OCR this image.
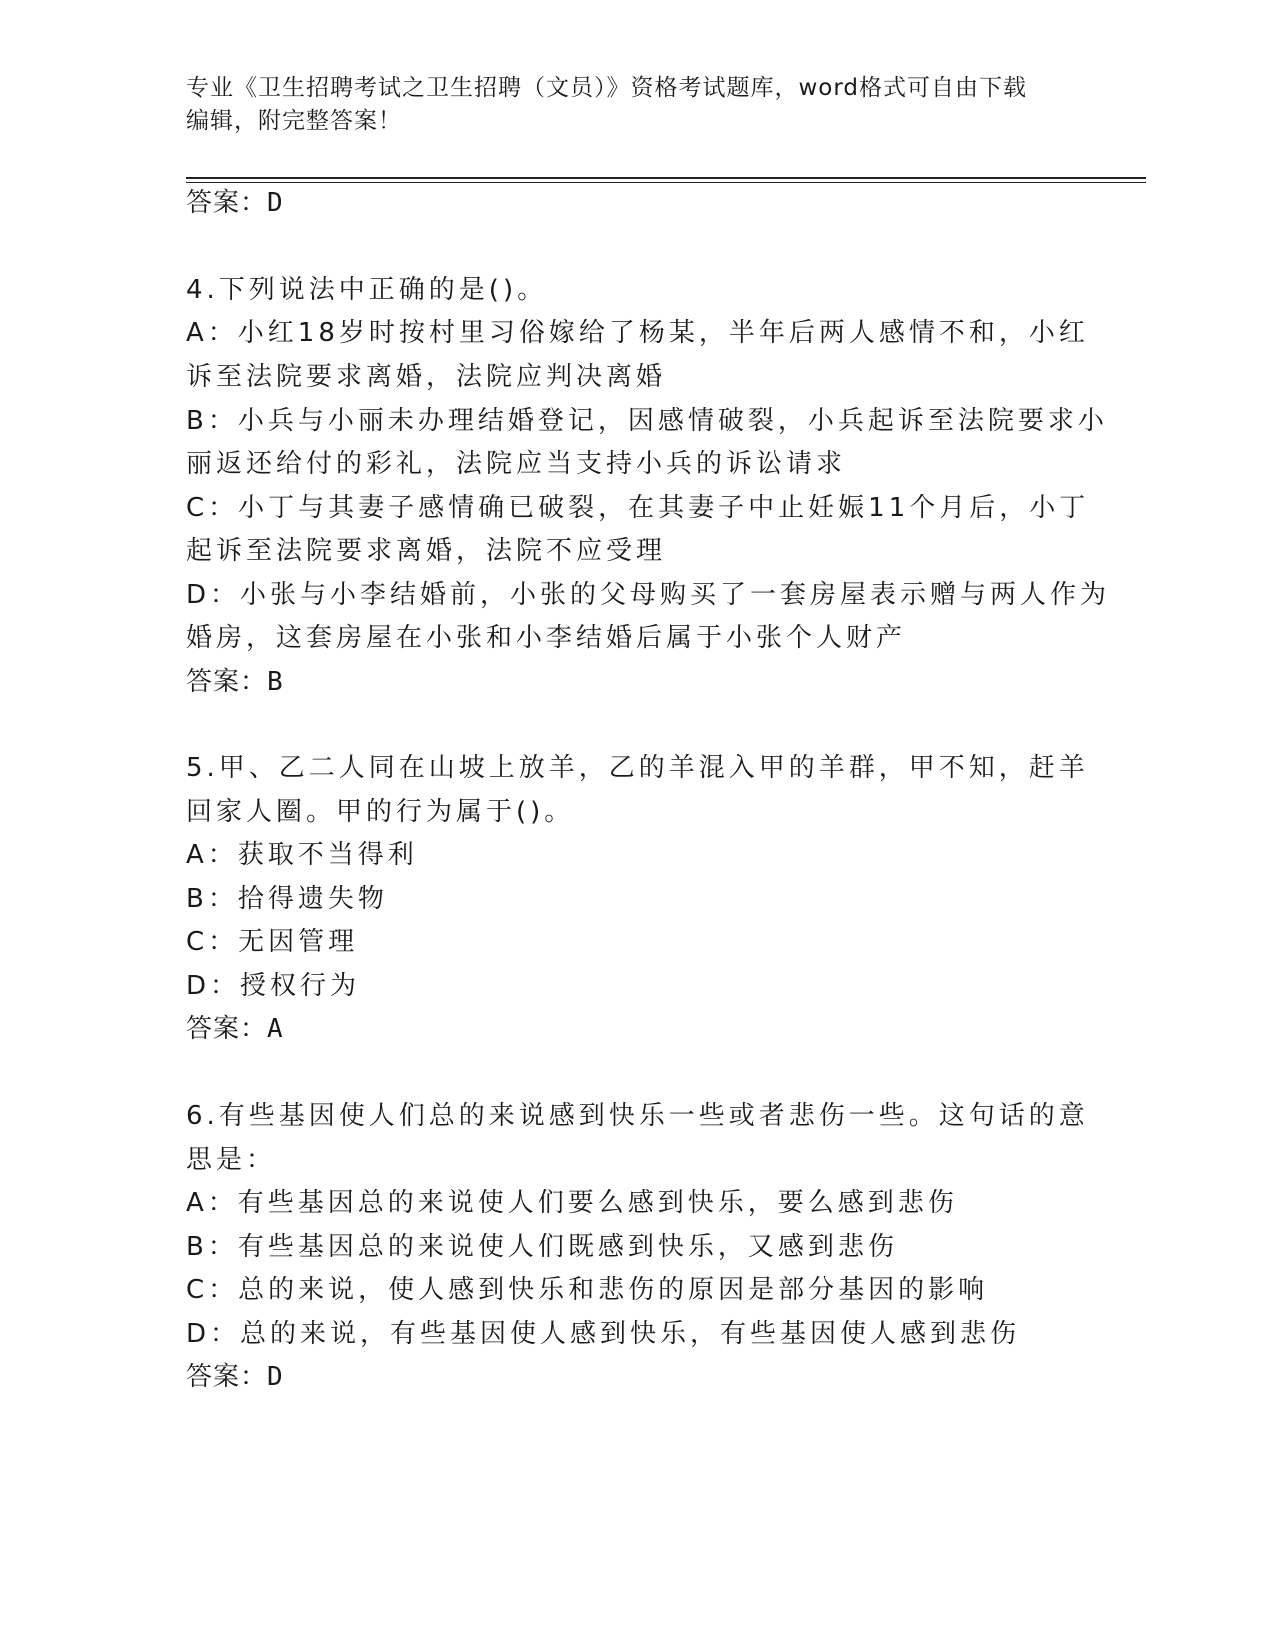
专业《卫生招聘考试之卫生招聘（文员）》资格考试题库，word格式可自由下载
编辑，附完整答案！
答案：D
4.下列说法中正确的是()。
A：小红18岁时按村里习俗嫁给了杨某，半年后两人感情不和，小红
诉至法院要求离婚，法院应判决离婚
B：小兵与小丽未办理结婚登记，因感情破裂，小兵起诉至法院要求小
丽返还给付的彩礼，法院应当支持小兵的诉讼请求
C：小丁与其妻子感情确已破裂，在其妻子中止妊娠11个月后，小丁
起诉至法院要求离婚，法院不应受理
D：小张与小李结婚前，小张的父母购买了一套房屋表示赠与两人作为
婚房，这套房屋在小张和小李结婚后属于小张个人财产
答案：B
5.甲、乙二人同在山坡上放羊，乙的羊混入甲的羊群，甲不知，赶羊
回家人圈。甲的行为属于()。
A：获取不当得利
B：拾得遗失物
C：无因管理
D：授权行为
答案：A
6.有些基因使人们总的来说感到快乐一些或者悲伤一些。这句话的意
思是：
A：有些基因总的来说使人们要么感到快乐，要么感到悲伤
B：有些基因总的来说使人们既感到快乐，又感到悲伤
C：总的来说，使人感到快乐和悲伤的原因是部分基因的影响
D：总的来说，有些基因使人感到快乐，有些基因使人感到悲伤
答案：D
